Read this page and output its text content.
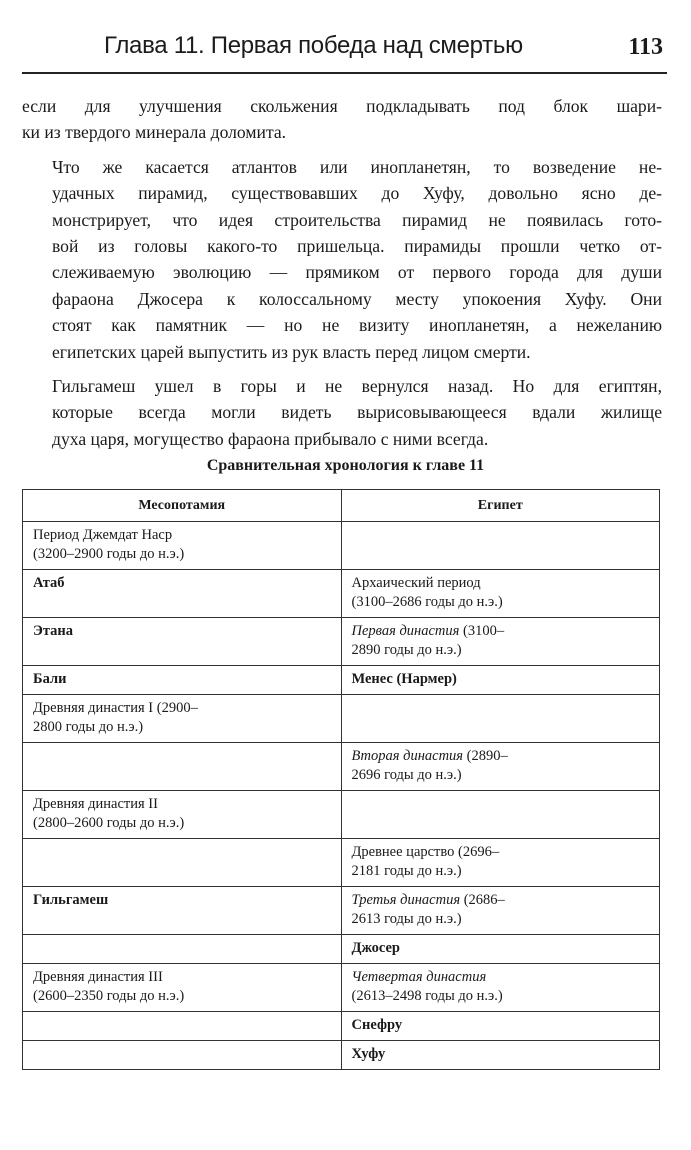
Глава 11. Первая победа над смертью	113

если для улучшения скольжения подкладывать под блок шари-
ки из твердого минерала доломита.

Что же касается атлантов или инопланетян, то возведение не-
удачных пирамид, существовавших до Хуфу, довольно ясно де-
монстрирует, что идея строительства пирамид не появилась гото-
вой из головы какого-то пришельца. пирамиды прошли четко от-
слеживаемую эволюцию — прямиком от первого города для души
фараона Джосера к колоссальному месту упокоения Хуфу. Они
стоят как памятник — но не визиту инопланетян, а нежеланию
египетских царей выпустить из рук власть перед лицом смерти.

Гильгамеш ушел в горы и не вернулся назад. Но для египтян,
которые всегда могли видеть вырисовывающееся вдали жилище
духа царя, могущество фараона прибывало с ними всегда.

Сравнительная хронология к главе 11
Месопотамия	Египет

Период Джемдат Наср
(3200–2900 годы до н.э.)	

Атаб	Архаический период
(3100–2686 годы до н.э.)

Этана	Первая династия (3100–
2890 годы до н.э.)

Бали	Менес (Нармер)

Древняя династия I (2900–
2800 годы до н.э.)	

	Вторая династия (2890–
2696 годы до н.э.)

Древняя династия II
(2800–2600 годы до н.э.)	

	Древнее царство (2696–
2181 годы до н.э.)

Гильгамеш	Третья династия (2686–
2613 годы до н.э.)

	Джосер

Древняя династия III
(2600–2350 годы до н.э.)	Четвертая династия
(2613–2498 годы до н.э.)

	Снефру

	Хуфу
